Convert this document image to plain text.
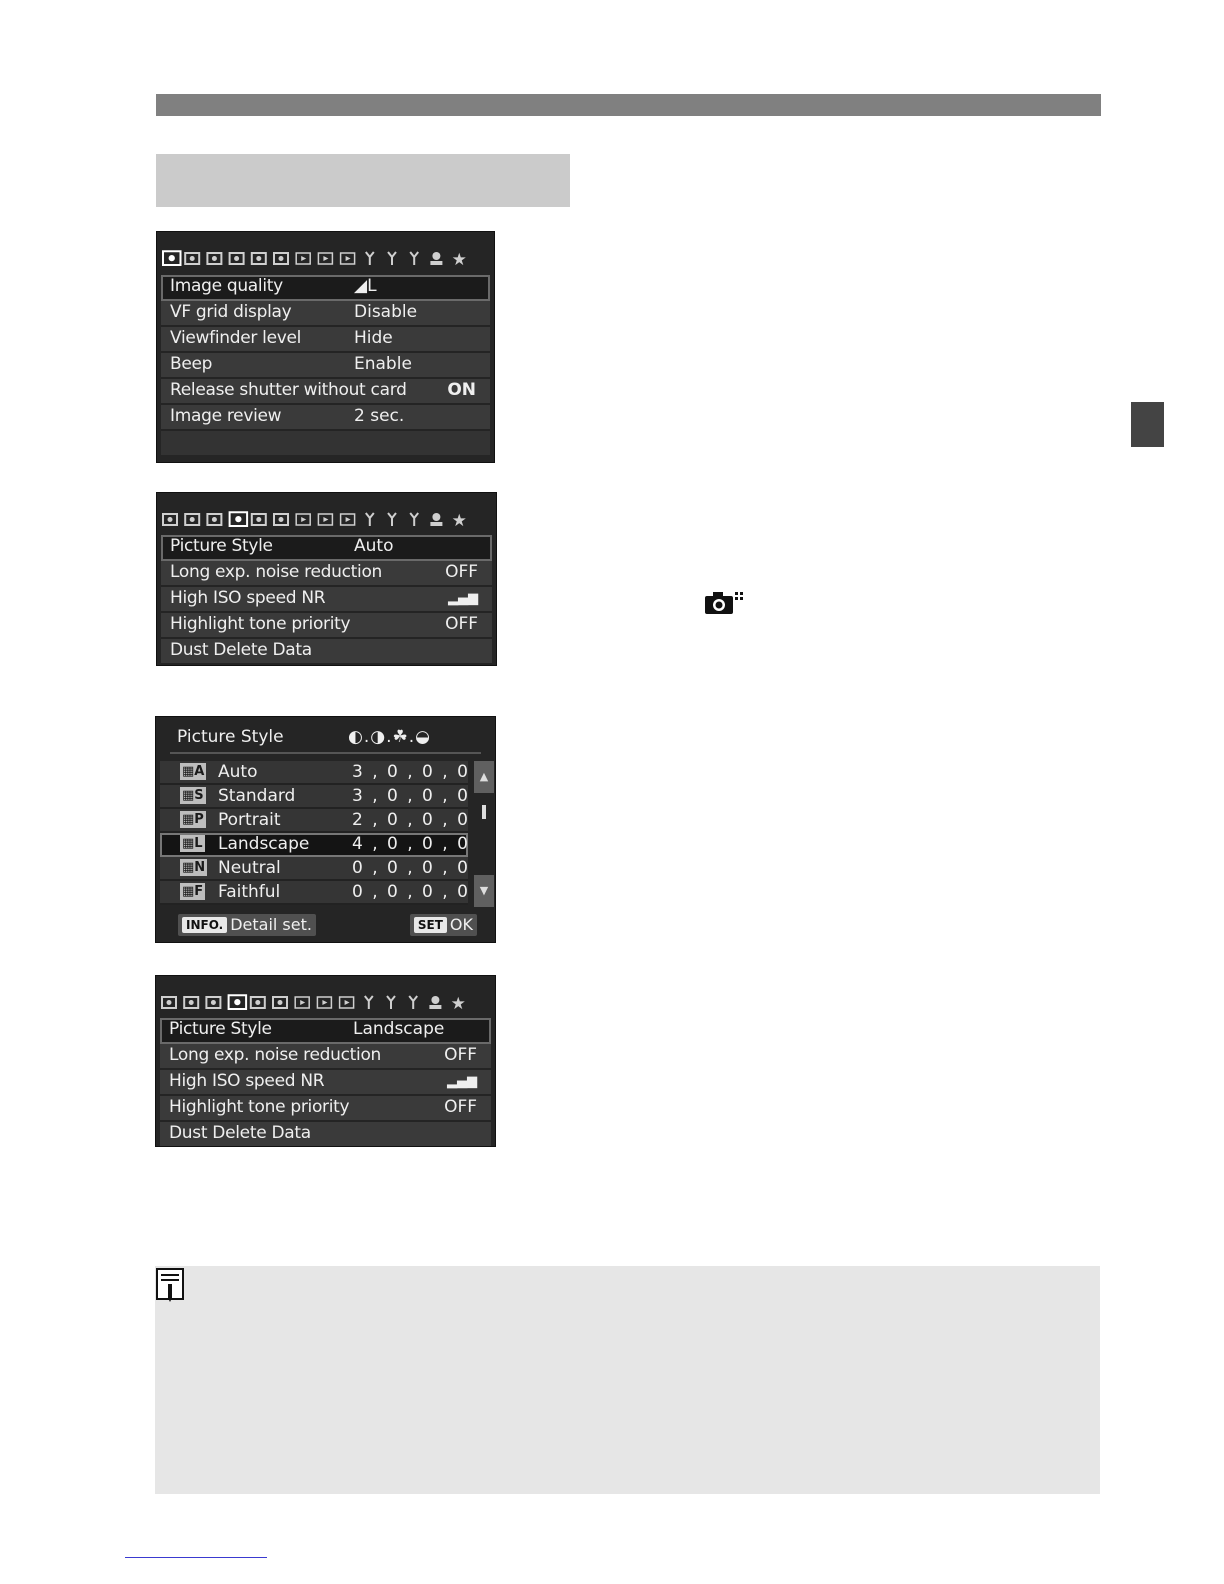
★
Image quality	◢L
VF grid display	Disable
Viewfinder level	Hide
Beep	Enable
Release shutter without card ON
Image review	2 sec.
★
Picture Style	Auto
Long exp. noise reduction	OFF
High ISO speed NR	▂▄▆
Highlight tone priority	OFF
Dust Delete Data
Picture Style	◐.◑.☘.◒
▦A Auto	3 , 0 , 0 , 0
▦S Standard	3 , 0 , 0 , 0
▦P Portrait	2 , 0 , 0 , 0
▦L Landscape	4 , 0 , 0 , 0
▦N Neutral	0 , 0 , 0 , 0
▦F Faithful	0 , 0 , 0 , 0
▲
▼
INFO. Detail set.	SET OK
★
Picture Style	Landscape
Long exp. noise reduction	OFF
High ISO speed NR	▂▄▆
Highlight tone priority	OFF
Dust Delete Data
